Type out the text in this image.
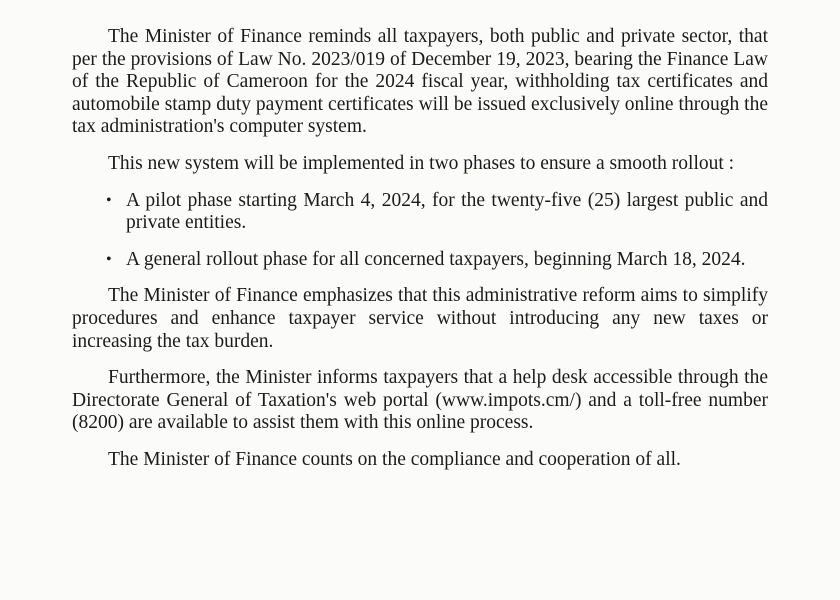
The Minister of Finance reminds all taxpayers, both public and private sector, that per the provisions of Law No. 2023/019 of December 19, 2023, bearing the Finance Law of the Republic of Cameroon for the 2024 fiscal year, withholding tax certificates and automobile stamp duty payment certificates will be issued exclusively online through the tax administration's computer system.

This new system will be implemented in two phases to ensure a smooth rollout :

• A pilot phase starting March 4, 2024, for the twenty-five (25) largest public and private entities.
• A general rollout phase for all concerned taxpayers, beginning March 18, 2024.

The Minister of Finance emphasizes that this administrative reform aims to simplify procedures and enhance taxpayer service without introducing any new taxes or increasing the tax burden.

Furthermore, the Minister informs taxpayers that a help desk accessible through the Directorate General of Taxation's web portal (www.impots.cm/) and a toll-free number (8200) are available to assist them with this online process.

The Minister of Finance counts on the compliance and cooperation of all.
